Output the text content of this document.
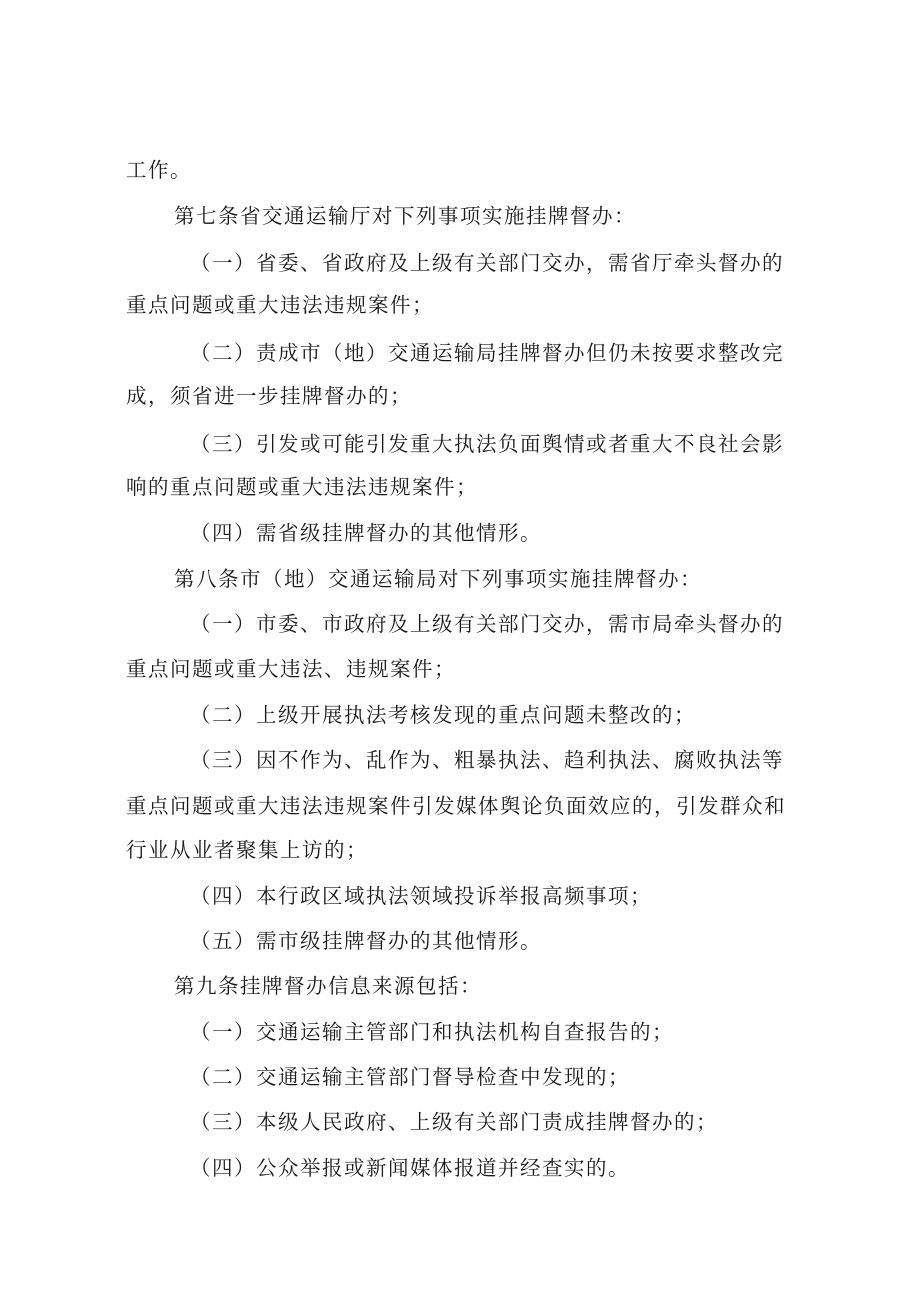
工作。
第七条省交通运输厅对下列事项实施挂牌督办：
（一）省委、省政府及上级有关部门交办，需省厅牵头督办的
重点问题或重大违法违规案件；
（二）责成市（地）交通运输局挂牌督办但仍未按要求整改完
成，须省进一步挂牌督办的；
（三）引发或可能引发重大执法负面舆情或者重大不良社会影
响的重点问题或重大违法违规案件；
（四）需省级挂牌督办的其他情形。
第八条市（地）交通运输局对下列事项实施挂牌督办：
（一）市委、市政府及上级有关部门交办，需市局牵头督办的
重点问题或重大违法、违规案件；
（二）上级开展执法考核发现的重点问题未整改的；
（三）因不作为、乱作为、粗暴执法、趋利执法、腐败执法等
重点问题或重大违法违规案件引发媒体舆论负面效应的，引发群众和
行业从业者聚集上访的；
（四）本行政区域执法领域投诉举报高频事项；
（五）需市级挂牌督办的其他情形。
第九条挂牌督办信息来源包括：
（一）交通运输主管部门和执法机构自查报告的；
（二）交通运输主管部门督导检查中发现的；
（三）本级人民政府、上级有关部门责成挂牌督办的；
（四）公众举报或新闻媒体报道并经查实的。
